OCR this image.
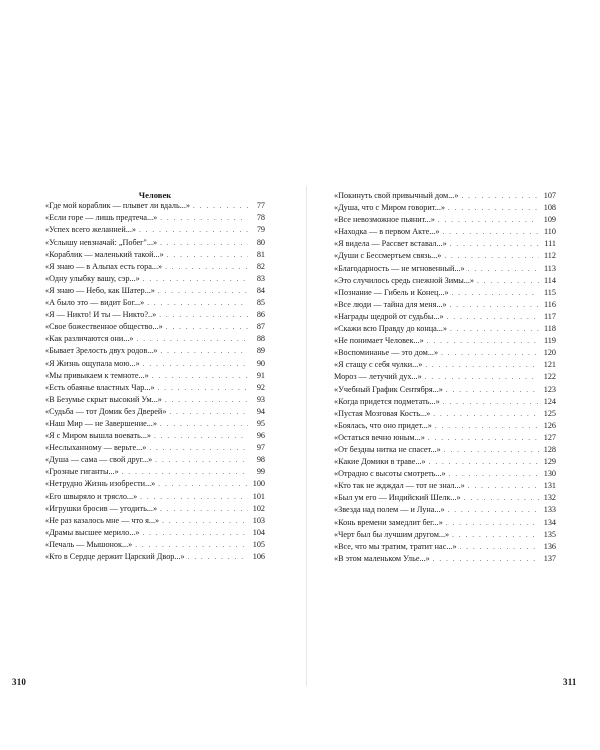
Человек
«Где мой кораблик — плывет ли вдаль...» . . .	77
«Если горе — лишь предтеча...» . . .	78
«Успех всего желанней...» . . .	79
«Услышу невзначай: „Побег"...» . . .	80
«Кораблик — маленький такой...» . . .	81
«Я знаю — в Альпах есть гора...» . . .	82
«Одну улыбку вашу, сэр...» . . .	83
«Я знаю — Небо, как Шатер...» . . .	84
«А было это — видит Бог...» . . .	85
«Я — Никто! И ты — Никто?..» . . .	86
«Свое божественное общество...» . . .	87
«Как различаются они...» . . .	88
«Бывает Зрелость двух родов...» . . .	89
«Я Жизнь ощупала мою...» . . .	90
«Мы привыкаем к темноте...» . . .	91
«Есть обаянье властных Чар...» . . .	92
«В Безумье скрыт высокий Ум...» . . .	93
«Судьба — тот Домик без Дверей» . . .	94
«Наш Мир — не Завершение...» . . .	95
«Я с Миром вышла воевать...» . . .	96
«Неслыханному — верьте...» . . .	97
«Душа — сама — свой друг...» . . .	98
«Грозные гиганты...» . . .	99
«Нетрудно Жизнь изобрести...» . . .	100
«Его швыряло и трясло...» . . .	101
«Игрушки бросив — угодить...» . . .	102
«Не раз казалось мне — что я...» . . .	103
«Драмы высшее мерило...» . . .	104
«Печаль — Мышонок...» . . .	105
«Кто в Сердце держит Царский Двор...» . . .	106
«Покинуть свой привычный дом...» . . .	107
«Душа, что с Миром говорит...» . . .	108
«Все невозможное пьянит...» . . .	109
«Находка — в первом Акте...» . . .	110
«Я видела — Рассвет вставал...» . . .	111
«Души с Бессмертьем связь...» . . .	112
«Благодарность — не мгновенный...» . . .	113
«Это случилось средь снежной Зимы...» . . .	114
«Познание — Гибель и Конец...» . . .	115
«Все люди — тайна для меня...» . . .	116
«Награды щедрой от судьбы...» . . .	117
«Скажи всю Правду до конца...» . . .	118
«Не понимает Человек...» . . .	119
«Воспоминанье — это дом...» . . .	120
«Я стащу с себя чулки...» . . .	121
Мороз — летучий дух...» . . .	122
«Учебный График Сентября...» . . .	123
«Когда придется подметать...» . . .	124
«Пустая Мозговая Кость...» . . .	125
«Боялась, что оно придет...» . . .	126
«Остаться вечно юным...» . . .	127
«От бездны нитка не спасет...» . . .	128
«Какие Домики в траве...» . . .	129
«Отрадно с высоты смотреть...» . . .	130
«Кто так не ждждал — тот не знал...» . . .	131
«Был ум его — Индийский Шелк...» . . .	132
«Звезда над полем — и Луна...» . . .	133
«Конь времени замедлит бег...» . . .	134
«Черт был бы лучшим другом...» . . .	135
«Все, что мы тратим, тратит нас...» . . .	136
«В этом маленьком Улье...» . . .	137
310	311
